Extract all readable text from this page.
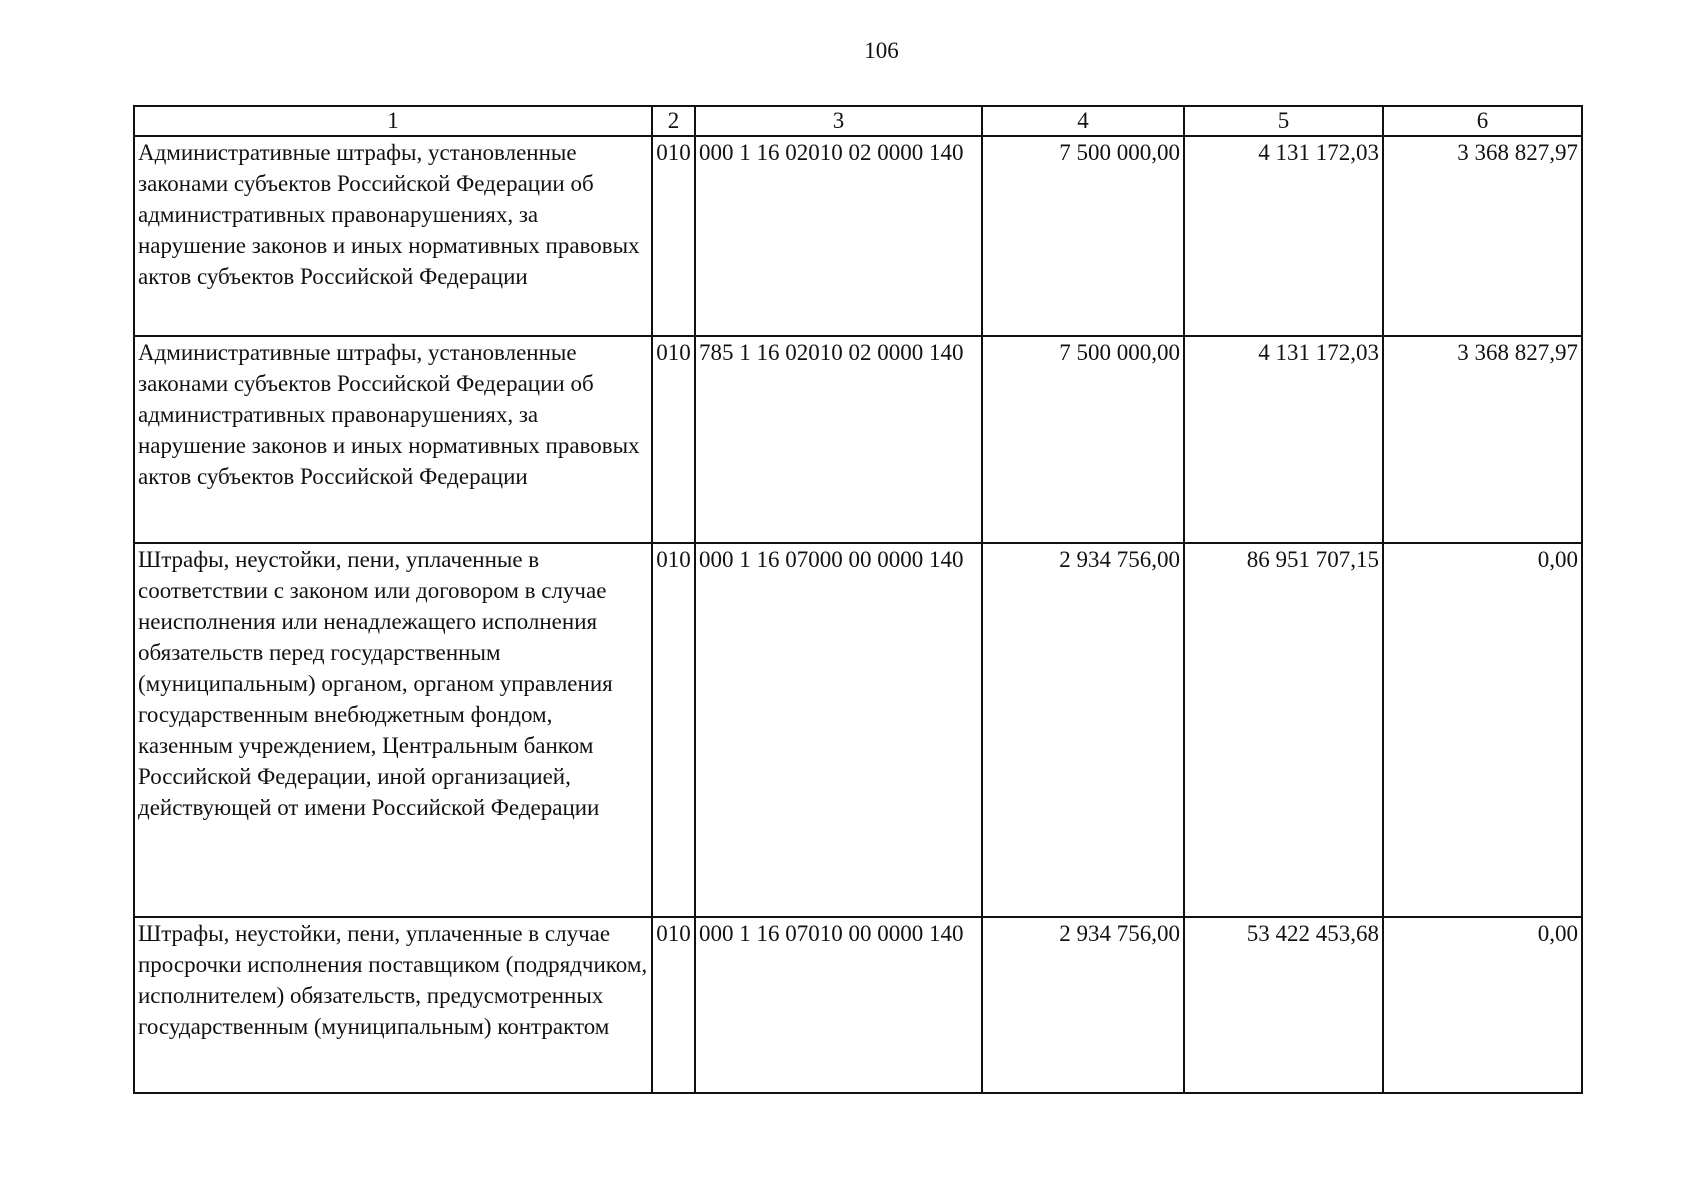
106
1	2	3	4	5	6
Административные штрафы, установленные законами субъектов Российской Федерации об административных правонарушениях, за нарушение законов и иных нормативных правовых актов субъектов Российской Федерации	010	000 1 16 02010 02 0000 140	7 500 000,00	4 131 172,03	3 368 827,97
Административные штрафы, установленные законами субъектов Российской Федерации об административных правонарушениях, за нарушение законов и иных нормативных правовых актов субъектов Российской Федерации	010	785 1 16 02010 02 0000 140	7 500 000,00	4 131 172,03	3 368 827,97
Штрафы, неустойки, пени, уплаченные в соответствии с законом или договором в случае неисполнения или ненадлежащего исполнения обязательств перед государственным (муниципальным) органом, органом управления государственным внебюджетным фондом, казенным учреждением, Центральным банком Российской Федерации, иной организацией, действующей от имени Российской Федерации	010	000 1 16 07000 00 0000 140	2 934 756,00	86 951 707,15	0,00
Штрафы, неустойки, пени, уплаченные в случае просрочки исполнения поставщиком (подрядчиком, исполнителем) обязательств, предусмотренных государственным (муниципальным) контрактом	010	000 1 16 07010 00 0000 140	2 934 756,00	53 422 453,68	0,00
